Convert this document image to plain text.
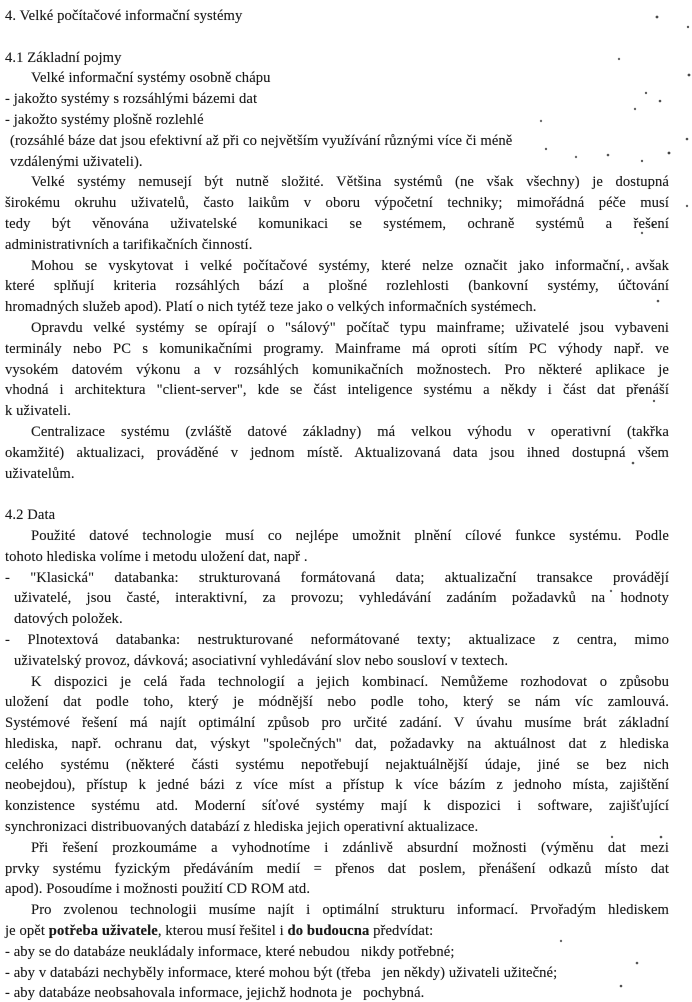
4. Velké počítačové informační systémy
4.1 Základní pojmy
Velké informační systémy osobně chápu
- jakožto systémy s rozsáhlými bázemi dat
- jakožto systémy plošně rozlehlé
(rozsáhlé báze dat jsou efektivní až při co největším využívání různými více či méně
vzdálenými uživateli).
Velké systémy nemusejí být nutně složité. Většina systémů (ne však všechny) je dostupná
širokému okruhu uživatelů, často laikům v oboru výpočetní techniky; mimořádná péče musí
tedy být věnována uživatelské komunikaci se systémem, ochraně systémů a řešení
administrativních a tarifikačních činností.
Mohou se vyskytovat i velké počítačové systémy, které nelze označit jako informační, avšak
které splňují kriteria rozsáhlých bází a plošné rozlehlosti (bankovní systémy, účtování
hromadných služeb apod). Platí o nich tytéž teze jako o velkých informačních systémech.
Opravdu velké systémy se opírají o "sálový" počítač typu mainframe; uživatelé jsou vybaveni
terminály nebo PC s komunikačními programy. Mainframe má oproti sítím PC výhody např. ve
vysokém datovém výkonu a v rozsáhlých komunikačních možnostech. Pro některé aplikace je
vhodná i architektura "client-server", kde se část inteligence systému a někdy i část dat přenáší
k uživateli.
Centralizace systému (zvláště datové základny) má velkou výhodu v operativní (takřka
okamžité) aktualizaci, prováděné v jednom místě. Aktualizovaná data jsou ihned dostupná všem
uživatelům.
4.2 Data
Použité datové technologie musí co nejlépe umožnit plnění cílové funkce systému. Podle
tohoto hlediska volíme i metodu uložení dat, např .
- "Klasická" databanka: strukturovaná formátovaná data; aktualizační transakce provádějí
uživatelé, jsou časté, interaktivní, za provozu; vyhledávání zadáním požadavků na hodnoty
datových položek.
- Plnotextová databanka: nestrukturované neformátované texty; aktualizace z centra, mimo
uživatelský provoz, dávková; asociativní vyhledávání slov nebo sousloví v textech.
K dispozici je celá řada technologií a jejich kombinací. Nemůžeme rozhodovat o způsobu
uložení dat podle toho, který je módnější nebo podle toho, který se nám víc zamlouvá.
Systémové řešení má najít optimální způsob pro určité zadání. V úvahu musíme brát základní
hlediska, např. ochranu dat, výskyt "společných" dat, požadavky na aktuálnost dat z hlediska
celého systému (některé části systému nepotřebují nejaktuálnější údaje, jiné se bez nich
neobejdou), přístup k jedné bázi z více míst a přístup k více bázím z jednoho místa, zajištění
konzistence systému atd. Moderní síťové systémy mají k dispozici i software, zajišťující
synchronizaci distribuovaných databází z hlediska jejich operativní aktualizace.
Při řešení prozkoumáme a vyhodnotíme i zdánlivě absurdní možnosti (výměnu dat mezi
prvky systému fyzickým předáváním medií = přenos dat poslem, přenášení odkazů místo dat
apod). Posoudíme i možnosti použití CD ROM atd.
Pro zvolenou technologii musíme najít i optimální strukturu informací. Prvořadým hlediskem
je opět potřeba uživatele, kterou musí řešitel i do budoucna předvídat:
- aby se do databáze neukládaly informace, které nebudou   nikdy potřebné;
- aby v databázi nechyběly informace, které mohou být (třeba   jen někdy) uživateli užitečné;
- aby databáze neobsahovala informace, jejichž hodnota je   pochybná.
